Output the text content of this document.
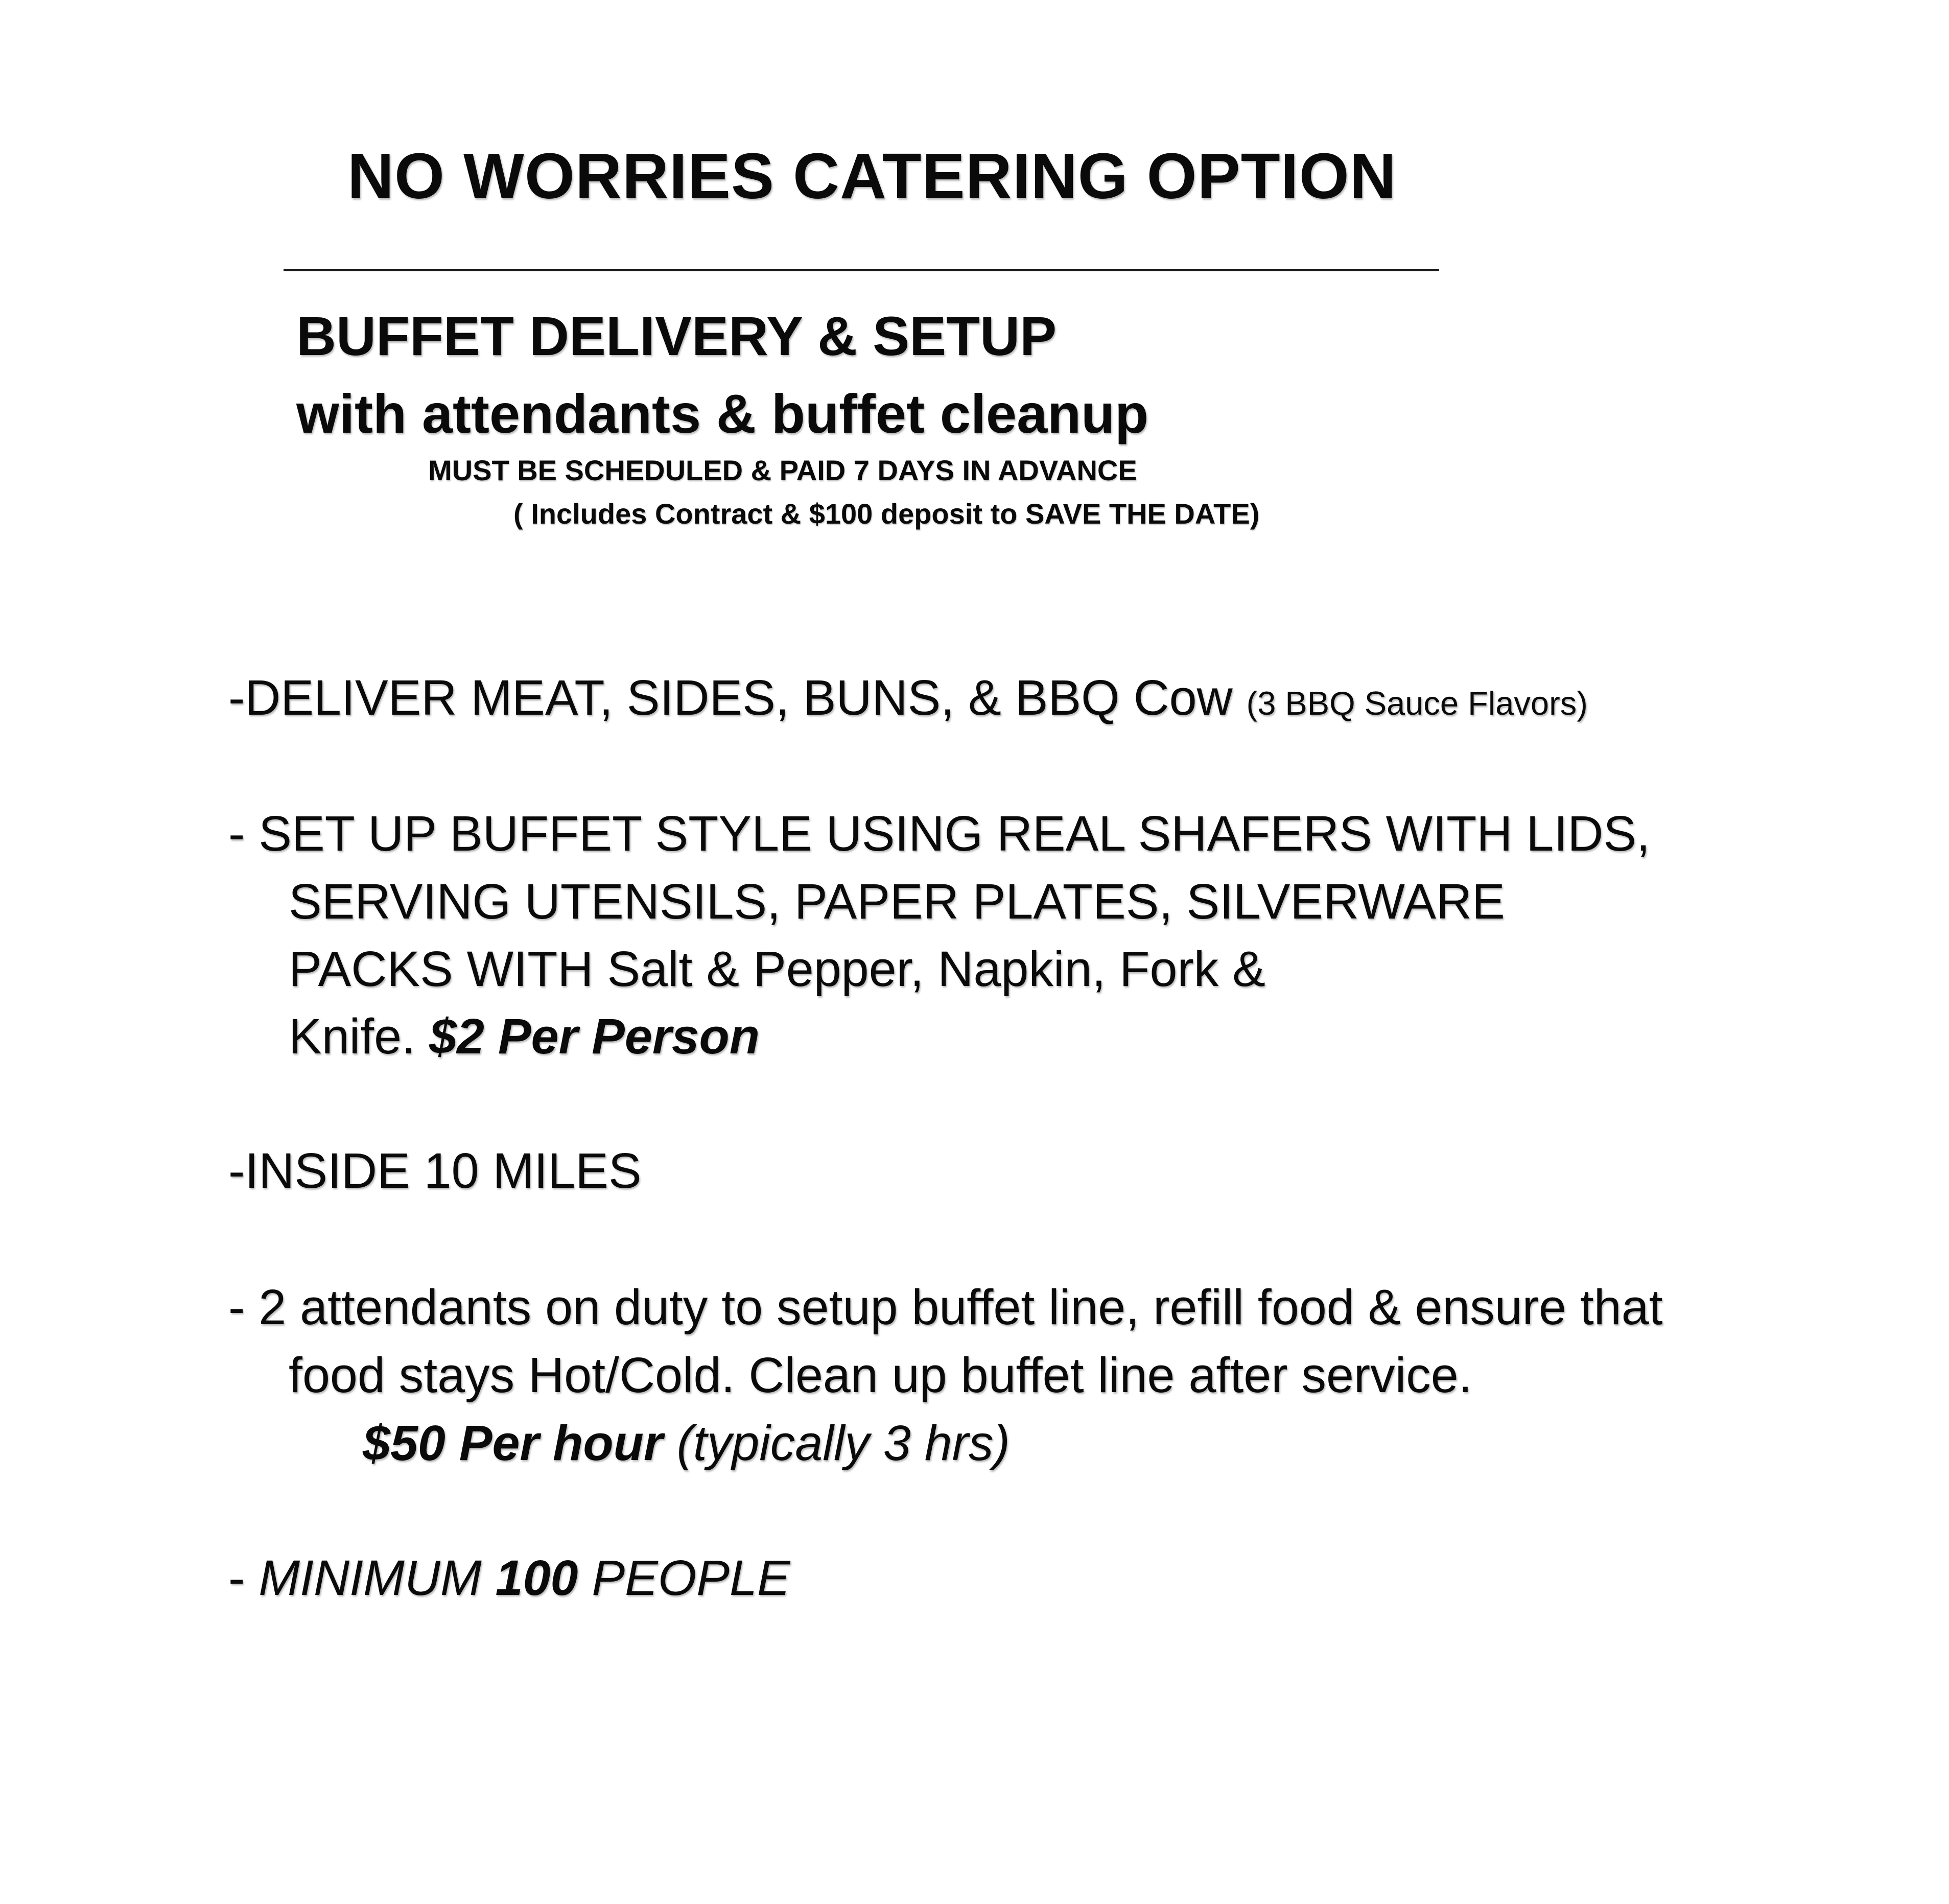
NO WORRIES CATERING OPTION
BUFFET DELIVERY & SETUP
with attendants & buffet cleanup
MUST BE SCHEDULED & PAID 7 DAYS IN ADVANCE
( Includes Contract & $100 deposit to SAVE THE DATE)
-DELIVER MEAT, SIDES, BUNS, & BBQ Cow (3 BBQ Sauce Flavors)
- SET UP BUFFET STYLE USING REAL SHAFERS WITH LIDS,
SERVING UTENSILS, PAPER PLATES, SILVERWARE
PACKS WITH Salt & Pepper, Napkin, Fork &
Knife. $2 Per Person
-INSIDE 10 MILES
- 2 attendants on duty to setup buffet line, refill food & ensure that
food stays Hot/Cold. Clean up buffet line after service.
$50 Per hour (typically 3 hrs)
- MINIMUM 100 PEOPLE
